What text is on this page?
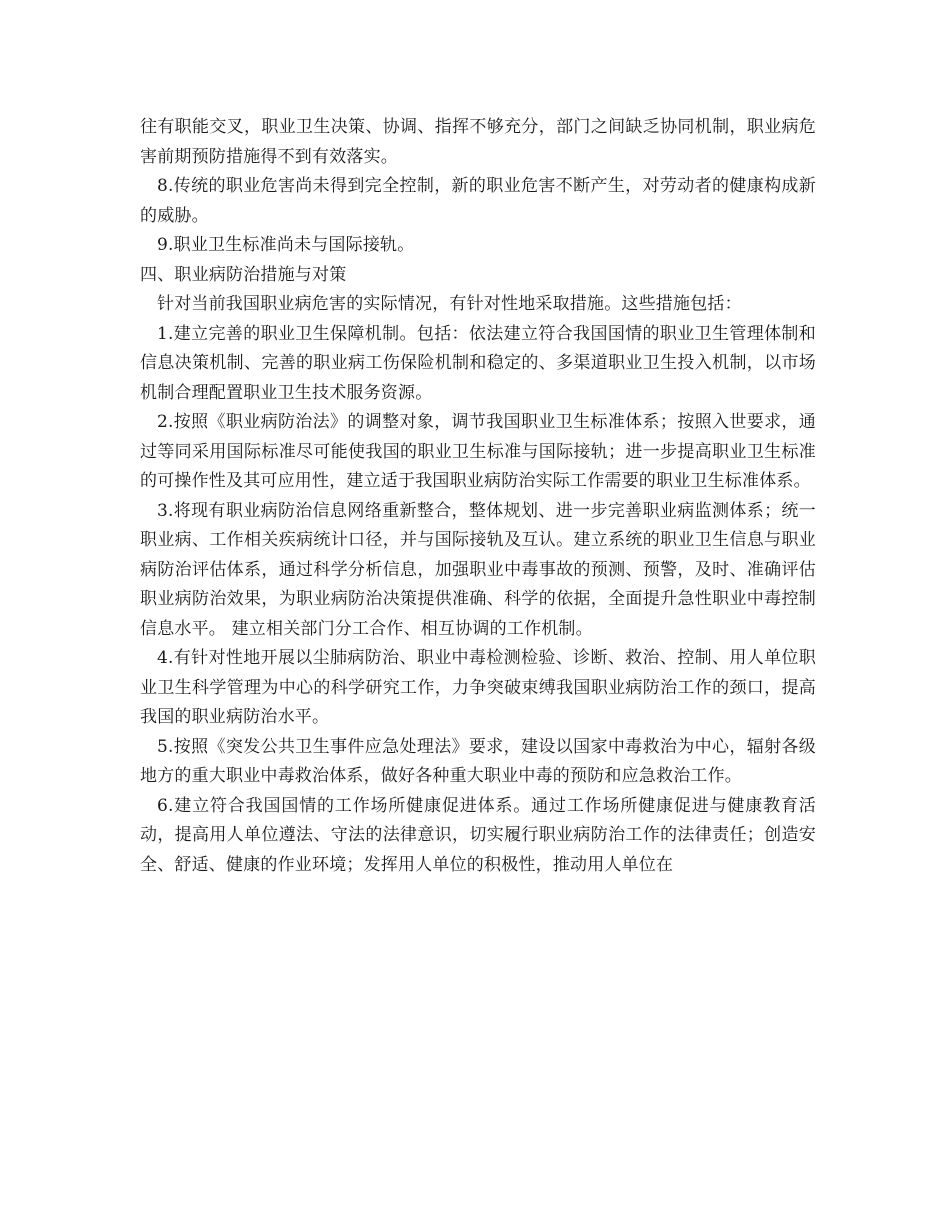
往有职能交叉，职业卫生决策、协调、指挥不够充分，部门之间缺乏协同机制，职业病危害前期预防措施得不到有效落实。

8.传统的职业危害尚未得到完全控制，新的职业危害不断产生，对劳动者的健康构成新的威胁。

9.职业卫生标准尚未与国际接轨。

四、职业病防治措施与对策

针对当前我国职业病危害的实际情况，有针对性地采取措施。这些措施包括：

1.建立完善的职业卫生保障机制。包括：依法建立符合我国国情的职业卫生管理体制和信息决策机制、完善的职业病工伤保险机制和稳定的、多渠道职业卫生投入机制，以市场机制合理配置职业卫生技术服务资源。

2.按照《职业病防治法》的调整对象，调节我国职业卫生标准体系；按照入世要求，通过等同采用国际标准尽可能使我国的职业卫生标准与国际接轨；进一步提高职业卫生标准的可操作性及其可应用性，建立适于我国职业病防治实际工作需要的职业卫生标准体系。

3.将现有职业病防治信息网络重新整合，整体规划、进一步完善职业病监测体系；统一职业病、工作相关疾病统计口径，并与国际接轨及互认。建立系统的职业卫生信息与职业病防治评估体系，通过科学分析信息，加强职业中毒事故的预测、预警，及时、准确评估职业病防治效果，为职业病防治决策提供准确、科学的依据，全面提升急性职业中毒控制信息水平。 建立相关部门分工合作、相互协调的工作机制。

4.有针对性地开展以尘肺病防治、职业中毒检测检验、诊断、救治、控制、用人单位职业卫生科学管理为中心的科学研究工作，力争突破束缚我国职业病防治工作的颈口，提高我国的职业病防治水平。

5.按照《突发公共卫生事件应急处理法》要求，建设以国家中毒救治为中心，辐射各级地方的重大职业中毒救治体系，做好各种重大职业中毒的预防和应急救治工作。

6.建立符合我国国情的工作场所健康促进体系。通过工作场所健康促进与健康教育活动，提高用人单位遵法、守法的法律意识，切实履行职业病防治工作的法律责任；创造安全、舒适、健康的作业环境；发挥用人单位的积极性，推动用人单位在
